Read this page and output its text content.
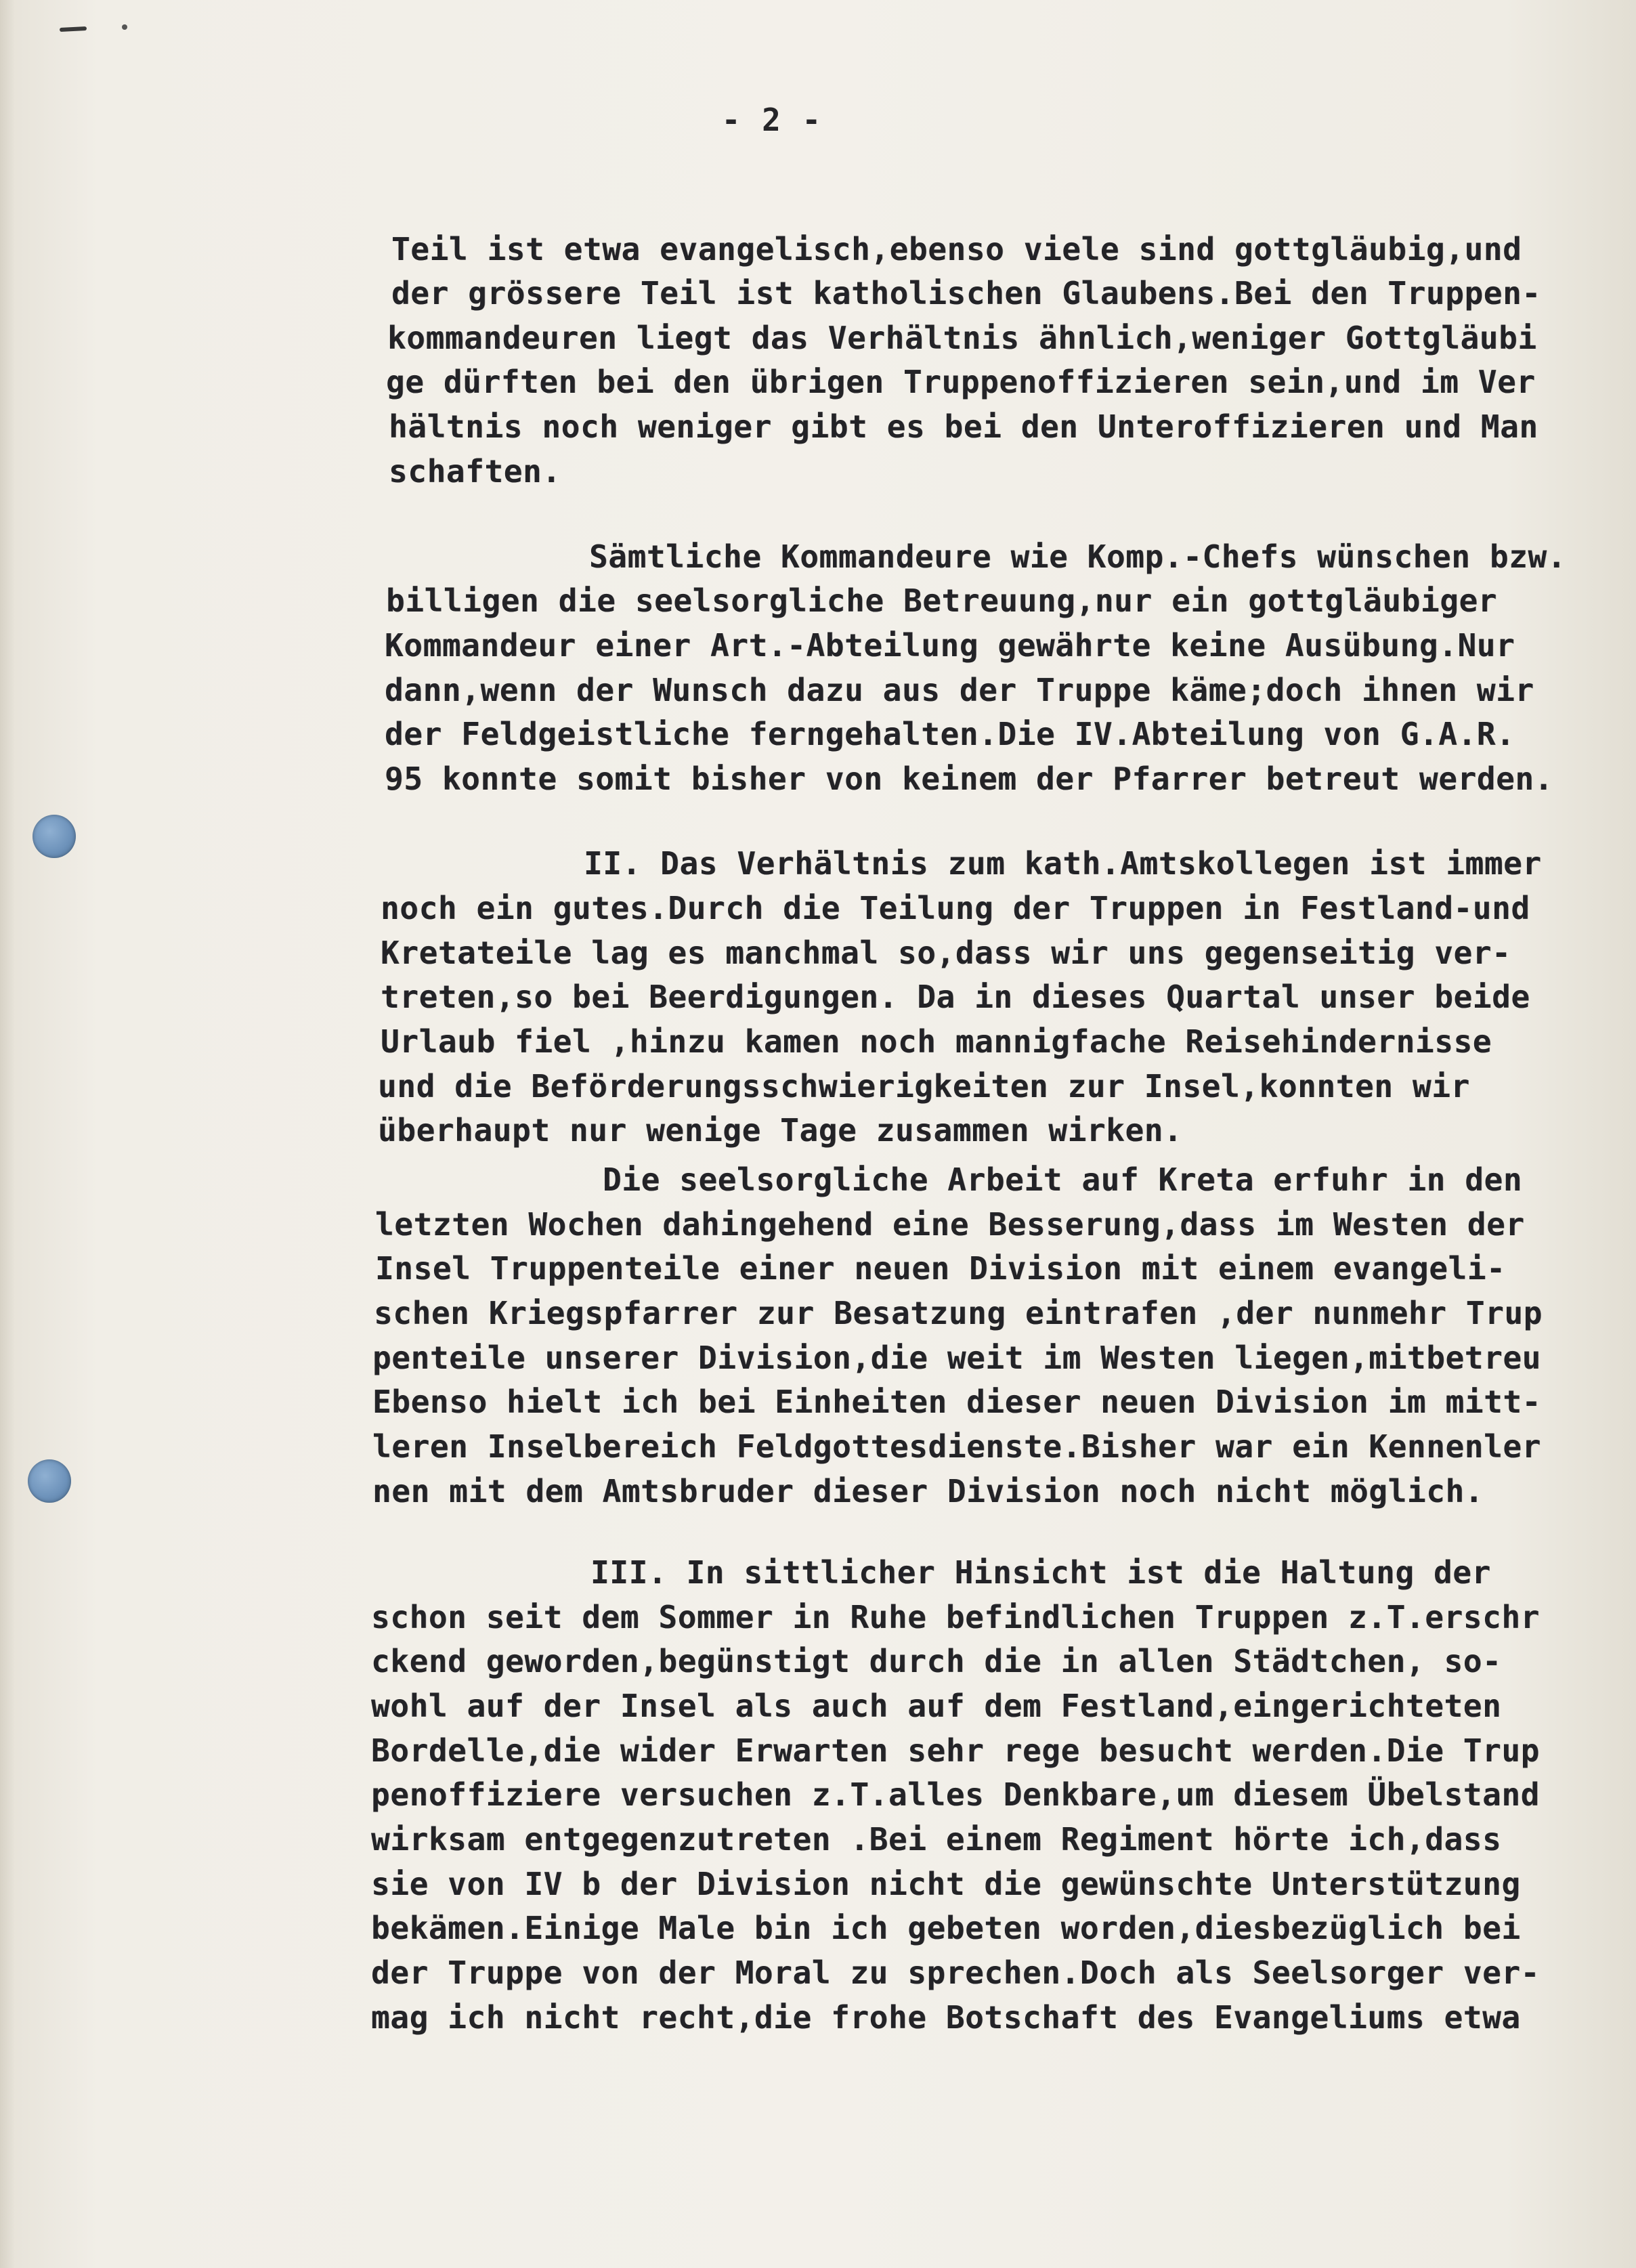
- 2 -
Teil ist etwa evangelisch,ebenso viele sind gottgläubig,und
der grössere Teil ist katholischen Glaubens.Bei den Truppen-
kommandeuren liegt das Verhältnis ähnlich,weniger Gottgläubi
ge dürften bei den übrigen Truppenoffizieren sein,und im Ver
hältnis noch weniger gibt es bei den Unteroffizieren und Man
schaften.
Sämtliche Kommandeure wie Komp.-Chefs wünschen bzw.
billigen die seelsorgliche Betreuung,nur ein gottgläubiger
Kommandeur einer Art.-Abteilung gewährte keine Ausübung.Nur
dann,wenn der Wunsch dazu aus der Truppe käme;doch ihnen wir
der Feldgeistliche ferngehalten.Die IV.Abteilung von G.A.R.
95 konnte somit bisher von keinem der Pfarrer betreut werden.
II. Das Verhältnis zum kath.Amtskollegen ist immer
noch ein gutes.Durch die Teilung der Truppen in Festland-und
Kretateile lag es manchmal so,dass wir uns gegenseitig ver-
treten,so bei Beerdigungen. Da in dieses Quartal unser beide
Urlaub fiel ,hinzu kamen noch mannigfache Reisehindernisse
und die Beförderungsschwierigkeiten zur Insel,konnten wir
überhaupt nur wenige Tage zusammen wirken.
Die seelsorgliche Arbeit auf Kreta erfuhr in den
letzten Wochen dahingehend eine Besserung,dass im Westen der
Insel Truppenteile einer neuen Division mit einem evangeli-
schen Kriegspfarrer zur Besatzung eintrafen ,der nunmehr Trup
penteile unserer Division,die weit im Westen liegen,mitbetreu
Ebenso hielt ich bei Einheiten dieser neuen Division im mitt-
leren Inselbereich Feldgottesdienste.Bisher war ein Kennenler
nen mit dem Amtsbruder dieser Division noch nicht möglich.
III. In sittlicher Hinsicht ist die Haltung der
schon seit dem Sommer in Ruhe befindlichen Truppen z.T.erschr
ckend geworden,begünstigt durch die in allen Städtchen, so-
wohl auf der Insel als auch auf dem Festland,eingerichteten
Bordelle,die wider Erwarten sehr rege besucht werden.Die Trup
penoffiziere versuchen z.T.alles Denkbare,um diesem Übelstand
wirksam entgegenzutreten .Bei einem Regiment hörte ich,dass
sie von IV b der Division nicht die gewünschte Unterstützung
bekämen.Einige Male bin ich gebeten worden,diesbezüglich bei
der Truppe von der Moral zu sprechen.Doch als Seelsorger ver-
mag ich nicht recht,die frohe Botschaft des Evangeliums etwa
